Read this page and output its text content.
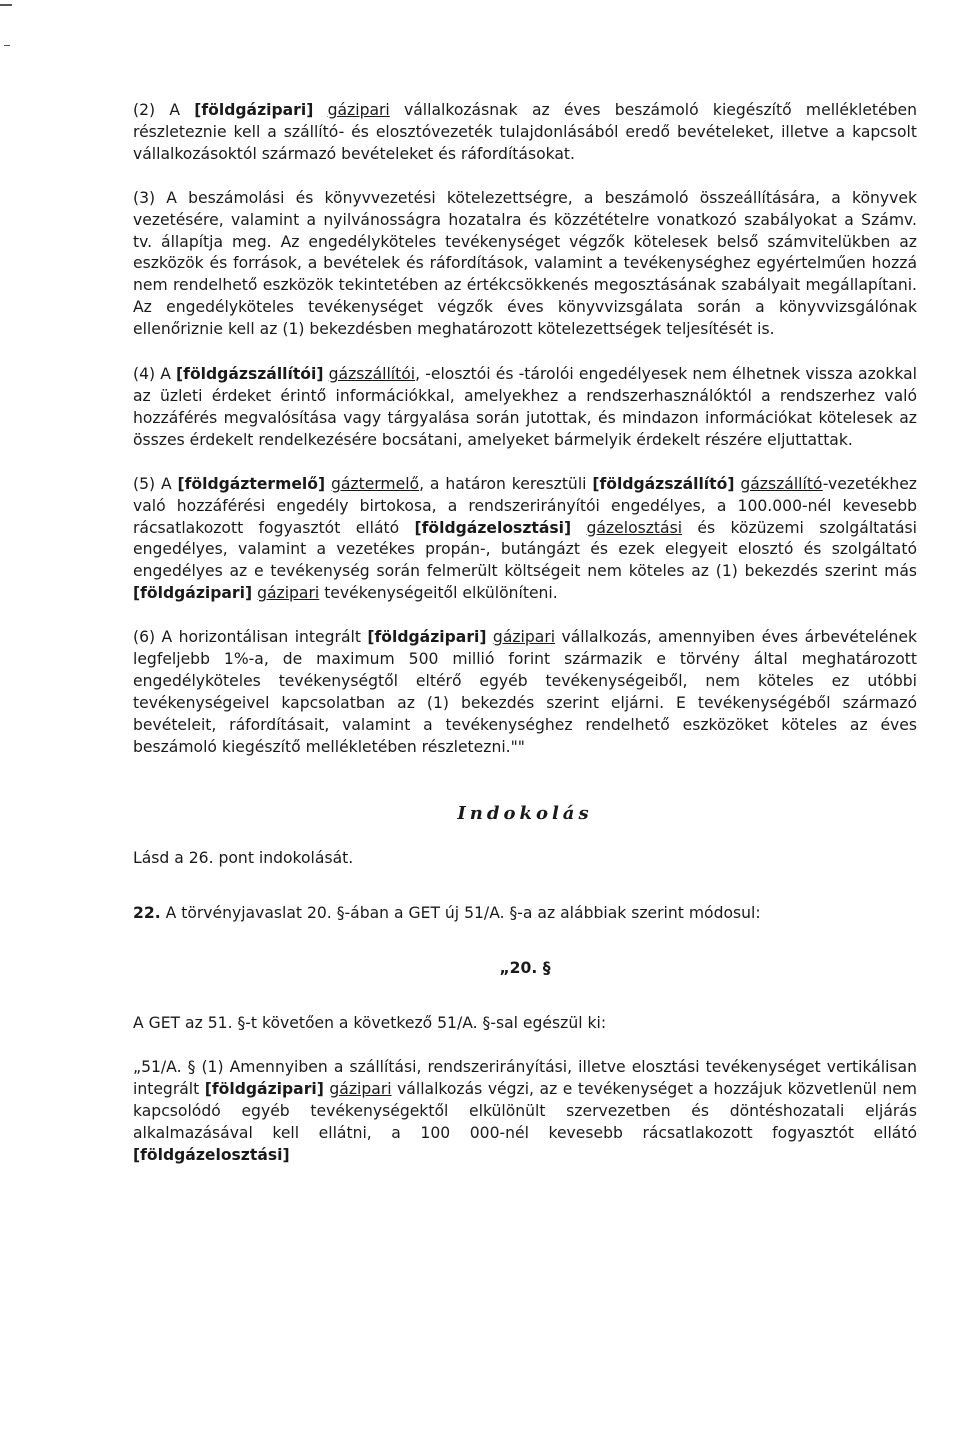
(2) A [földgázipari] gázipari vállalkozásnak az éves beszámoló kiegészítő mellékletében részleteznie kell a szállító- és elosztóvezeték tulajdonlásából eredő bevételeket, illetve a kapcsolt vállalkozásoktól származó bevételeket és ráfordításokat.

(3) A beszámolási és könyvvezetési kötelezettségre, a beszámoló összeállítására, a könyvek vezetésére, valamint a nyilvánosságra hozatalra és közzétételre vonatkozó szabályokat a Számv. tv. állapítja meg. Az engedélyköteles tevékenységet végzők kötelesek belső számvitelükben az eszközök és források, a bevételek és ráfordítások, valamint a tevékenységhez egyértelműen hozzá nem rendelhető eszközök tekintetében az értékcsökkenés megosztásának szabályait megállapítani. Az engedélyköteles tevékenységet végzők éves könyvvizsgálata során a könyvvizsgálónak ellenőriznie kell az (1) bekezdésben meghatározott kötelezettségek teljesítését is.

(4) A [földgázszállítói] gázszállítói, -elosztói és -tárolói engedélyesek nem élhetnek vissza azokkal az üzleti érdeket érintő információkkal, amelyekhez a rendszerhasználóktól a rendszerhez való hozzáférés megvalósítása vagy tárgyalása során jutottak, és mindazon információkat kötelesek az összes érdekelt rendelkezésére bocsátani, amelyeket bármelyik érdekelt részére eljuttattak.

(5) A [földgáztermelő] gáztermelő, a határon keresztüli [földgázszállító] gázszállító-vezetékhez való hozzáférési engedély birtokosa, a rendszerirányítói engedélyes, a 100.000-nél kevesebb rácsatlakozott fogyasztót ellátó [földgázelosztási] gázelosztási és közüzemi szolgáltatási engedélyes, valamint a vezetékes propán-, butángázt és ezek elegyeit elosztó és szolgáltató engedélyes az e tevékenység során felmerült költségeit nem köteles az (1) bekezdés szerint más [földgázipari] gázipari tevékenységeitől elkülöníteni.

(6) A horizontálisan integrált [földgázipari] gázipari vállalkozás, amennyiben éves árbevételének legfeljebb 1%-a, de maximum 500 millió forint származik e törvény által meghatározott engedélyköteles tevékenységtől eltérő egyéb tevékenységeiből, nem köteles ez utóbbi tevékenységeivel kapcsolatban az (1) bekezdés szerint eljárni. E tevékenységéből származó bevételeit, ráfordításait, valamint a tevékenységhez rendelhető eszközöket köteles az éves beszámoló kiegészítő mellékletében részletezni.""

Indokolás

Lásd a 26. pont indokolását.

22. A törvényjavaslat 20. §-ában a GET új 51/A. §-a az alábbiak szerint módosul:

„20. §

A GET az 51. §-t követően a következő 51/A. §-sal egészül ki:

„51/A. § (1) Amennyiben a szállítási, rendszerirányítási, illetve elosztási tevékenységet vertikálisan integrált [földgázipari] gázipari vállalkozás végzi, az e tevékenységet a hozzájuk közvetlenül nem kapcsolódó egyéb tevékenységektől elkülönült szervezetben és döntéshozatali eljárás alkalmazásával kell ellátni, a 100 000-nél kevesebb rácsatlakozott fogyasztót ellátó [földgázelosztási]
